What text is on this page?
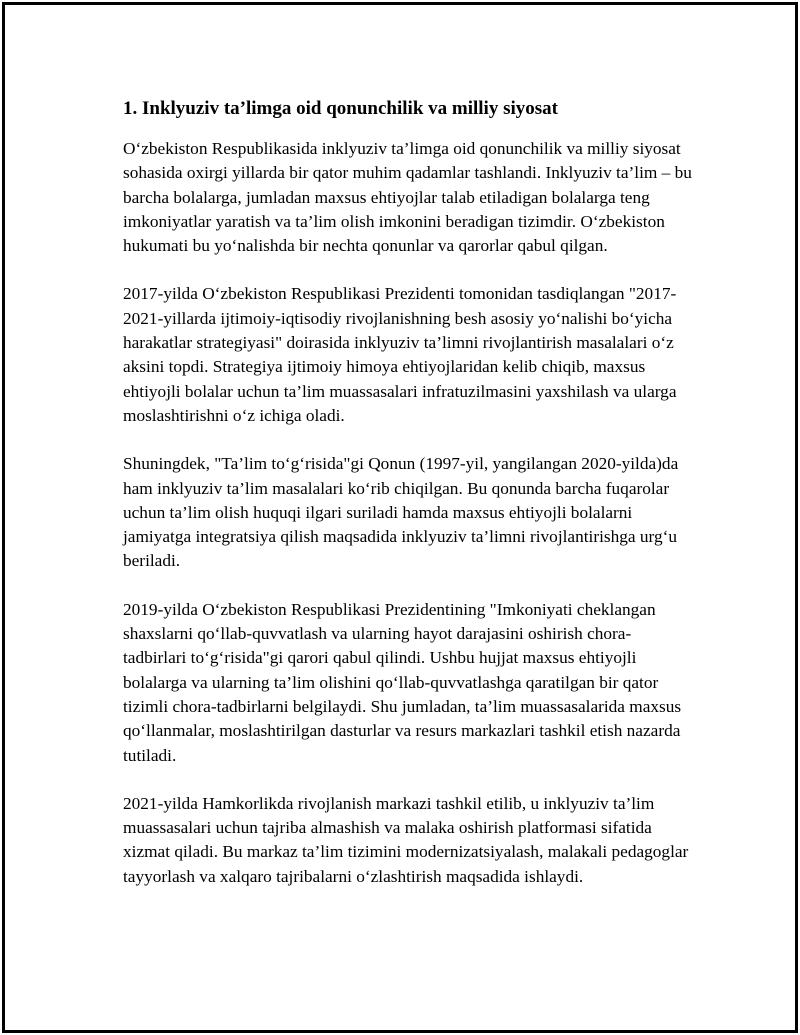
1. Inklyuziv ta’limga oid qonunchilik va milliy siyosat

O‘zbekiston Respublikasida inklyuziv ta’limga oid qonunchilik va milliy siyosat sohasida oxirgi yillarda bir qator muhim qadamlar tashlandi. Inklyuziv ta’lim – bu barcha bolalarga, jumladan maxsus ehtiyojlar talab etiladigan bolalarga teng imkoniyatlar yaratish va ta’lim olish imkonini beradigan tizimdir. O‘zbekiston hukumati bu yo‘nalishda bir nechta qonunlar va qarorlar qabul qilgan.

2017-yilda O‘zbekiston Respublikasi Prezidenti tomonidan tasdiqlangan "2017-2021-yillarda ijtimoiy-iqtisodiy rivojlanishning besh asosiy yo‘nalishi bo‘yicha harakatlar strategiyasi" doirasida inklyuziv ta’limni rivojlantirish masalalari o‘z aksini topdi. Strategiya ijtimoiy himoya ehtiyojlaridan kelib chiqib, maxsus ehtiyojli bolalar uchun ta’lim muassasalari infratuzilmasini yaxshilash va ularga moslashtirishni o‘z ichiga oladi.

Shuningdek, "Ta’lim to‘g‘risida"gi Qonun (1997-yil, yangilangan 2020-yilda)da ham inklyuziv ta’lim masalalari ko‘rib chiqilgan. Bu qonunda barcha fuqarolar uchun ta’lim olish huquqi ilgari suriladi hamda maxsus ehtiyojli bolalarni jamiyatga integratsiya qilish maqsadida inklyuziv ta’limni rivojlantirishga urg‘u beriladi.

2019-yilda O‘zbekiston Respublikasi Prezidentining "Imkoniyati cheklangan shaxslarni qo‘llab-quvvatlash va ularning hayot darajasini oshirish chora-tadbirlari to‘g‘risida"gi qarori qabul qilindi. Ushbu hujjat maxsus ehtiyojli bolalarga va ularning ta’lim olishini qo‘llab-quvvatlashga qaratilgan bir qator tizimli chora-tadbirlarni belgilaydi. Shu jumladan, ta’lim muassasalarida maxsus qo‘llanmalar, moslashtirilgan dasturlar va resurs markazlari tashkil etish nazarda tutiladi.

2021-yilda Hamkorlikda rivojlanish markazi tashkil etilib, u inklyuziv ta’lim muassasalari uchun tajriba almashish va malaka oshirish platformasi sifatida xizmat qiladi. Bu markaz ta’lim tizimini modernizatsiyalash, malakali pedagoglar tayyorlash va xalqaro tajribalarni o‘zlashtirish maqsadida ishlaydi.
